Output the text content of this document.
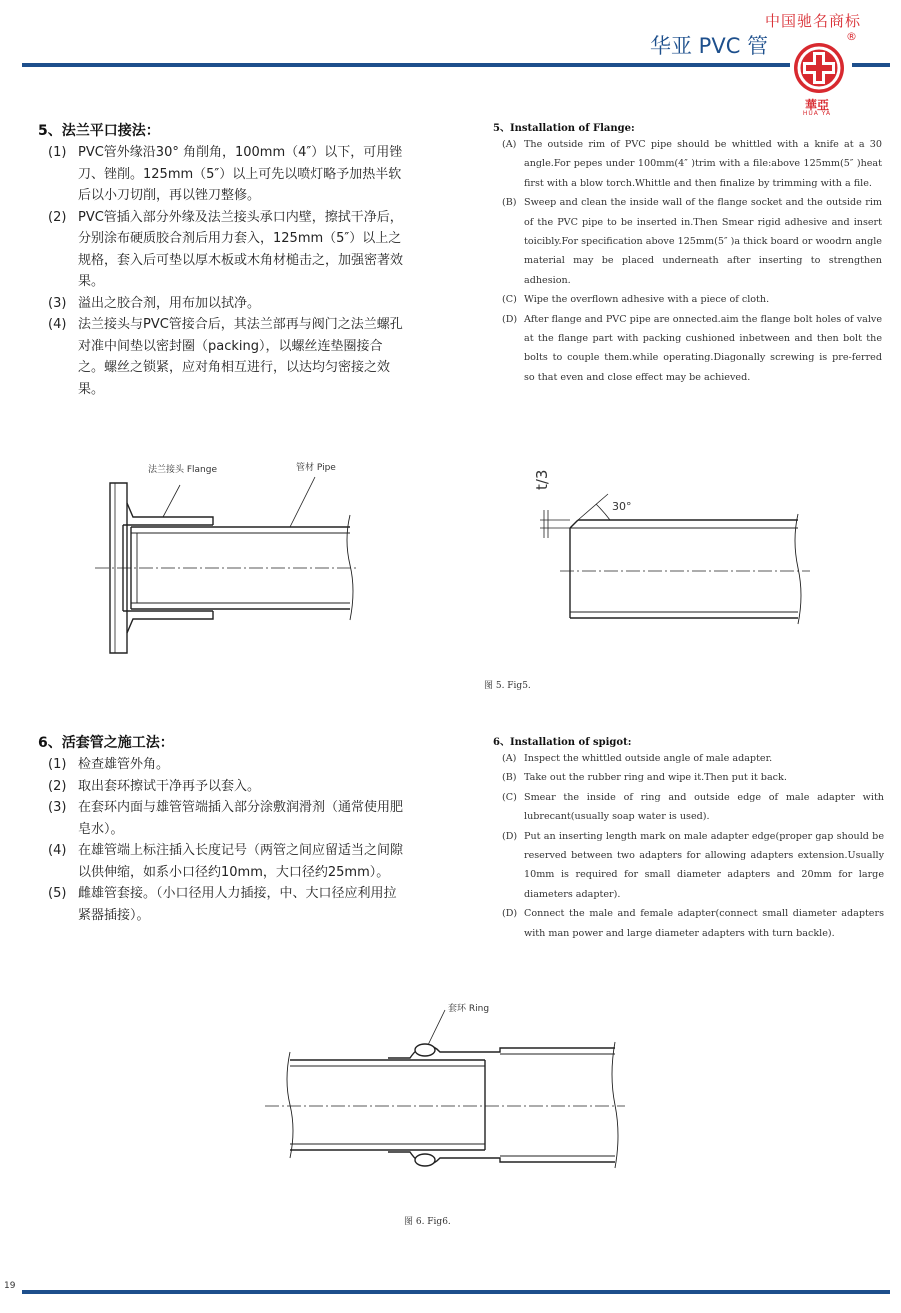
中国驰名商标
华亚 PVC 管	®
華亞
HUA YA
5、法兰平口接法：
(1) PVC管外缘沿30° 角削角，100mm（4″）以下，可用锉刀、锉削。125mm（5″）以上可先以喷灯略予加热半软后以小刀切削，再以锉刀整修。
(2) PVC管插入部分外缘及法兰接头承口内壁，擦拭干净后，分别涂布硬质胶合剂后用力套入，125mm（5″）以上之规格，套入后可垫以厚木板或木角材槌击之，加强密著效果。
(3) 溢出之胶合剂，用布加以拭净。
(4) 法兰接头与PVC管接合后，其法兰部再与阀门之法兰螺孔对准中间垫以密封圈（packing），以螺丝连垫圈接合之。螺丝之锁紧，应对角相互进行，以达均匀密接之效果。
5、Installation of Flange:
(A) The outside rim of PVC pipe should be whittled with a knife at a 30 angle.For pepes under 100mm(4″ )trim with a file:above 125mm(5″ )heat first with a blow torch.Whittle and then finalize by trimming with a file.
(B) Sweep and clean the inside wall of the flange socket and the outside rim of the PVC pipe to be inserted in.Then Smear rigid adhesive and insert toicibly.For specification above 125mm(5″ )a thick board or woodrn angle material may be placed underneath after inserting to strengthen adhesion.
(C) Wipe the overflown adhesive with a piece of cloth.
(D) After flange and PVC pipe are onnected.aim the flange bolt holes of valve at the flange part with packing cushioned inbetween and then bolt the bolts to couple them.while operating.Diagonally screwing is pre-ferred so that even and close effect may be achieved.
法兰接头 Flange	管材 Pipe
t/3
30°
图 5. Fig5.
6、活套管之施工法：
(1) 检查雄管外角。
(2) 取出套环擦试干净再予以套入。
(3) 在套环内面与雄管管端插入部分涂敷润滑剂（通常使用肥皂水）。
(4) 在雄管端上标注插入长度记号（两管之间应留适当之间隙以供伸缩，如系小口径约10mm，大口径约25mm）。
(5) 雌雄管套接。（小口径用人力插接，中、大口径应利用拉紧器插接）。
6、Installation of spigot:
(A) Inspect the whittled outside angle of male adapter.
(B) Take out the rubber ring and wipe it.Then put it back.
(C) Smear the inside of ring and outside edge of male adapter with lubrecant(usually soap water is used).
(D) Put an inserting length mark on male adapter edge(proper gap should be reserved between two adapters for allowing adapters extension.Usually 10mm is required for small diameter adapters and 20mm for large diameters adapter).
(D) Connect the male and female adapter(connect small diameter adapters with man power and large diameter adapters with turn backle).
套环 Ring
图 6. Fig6.
19
